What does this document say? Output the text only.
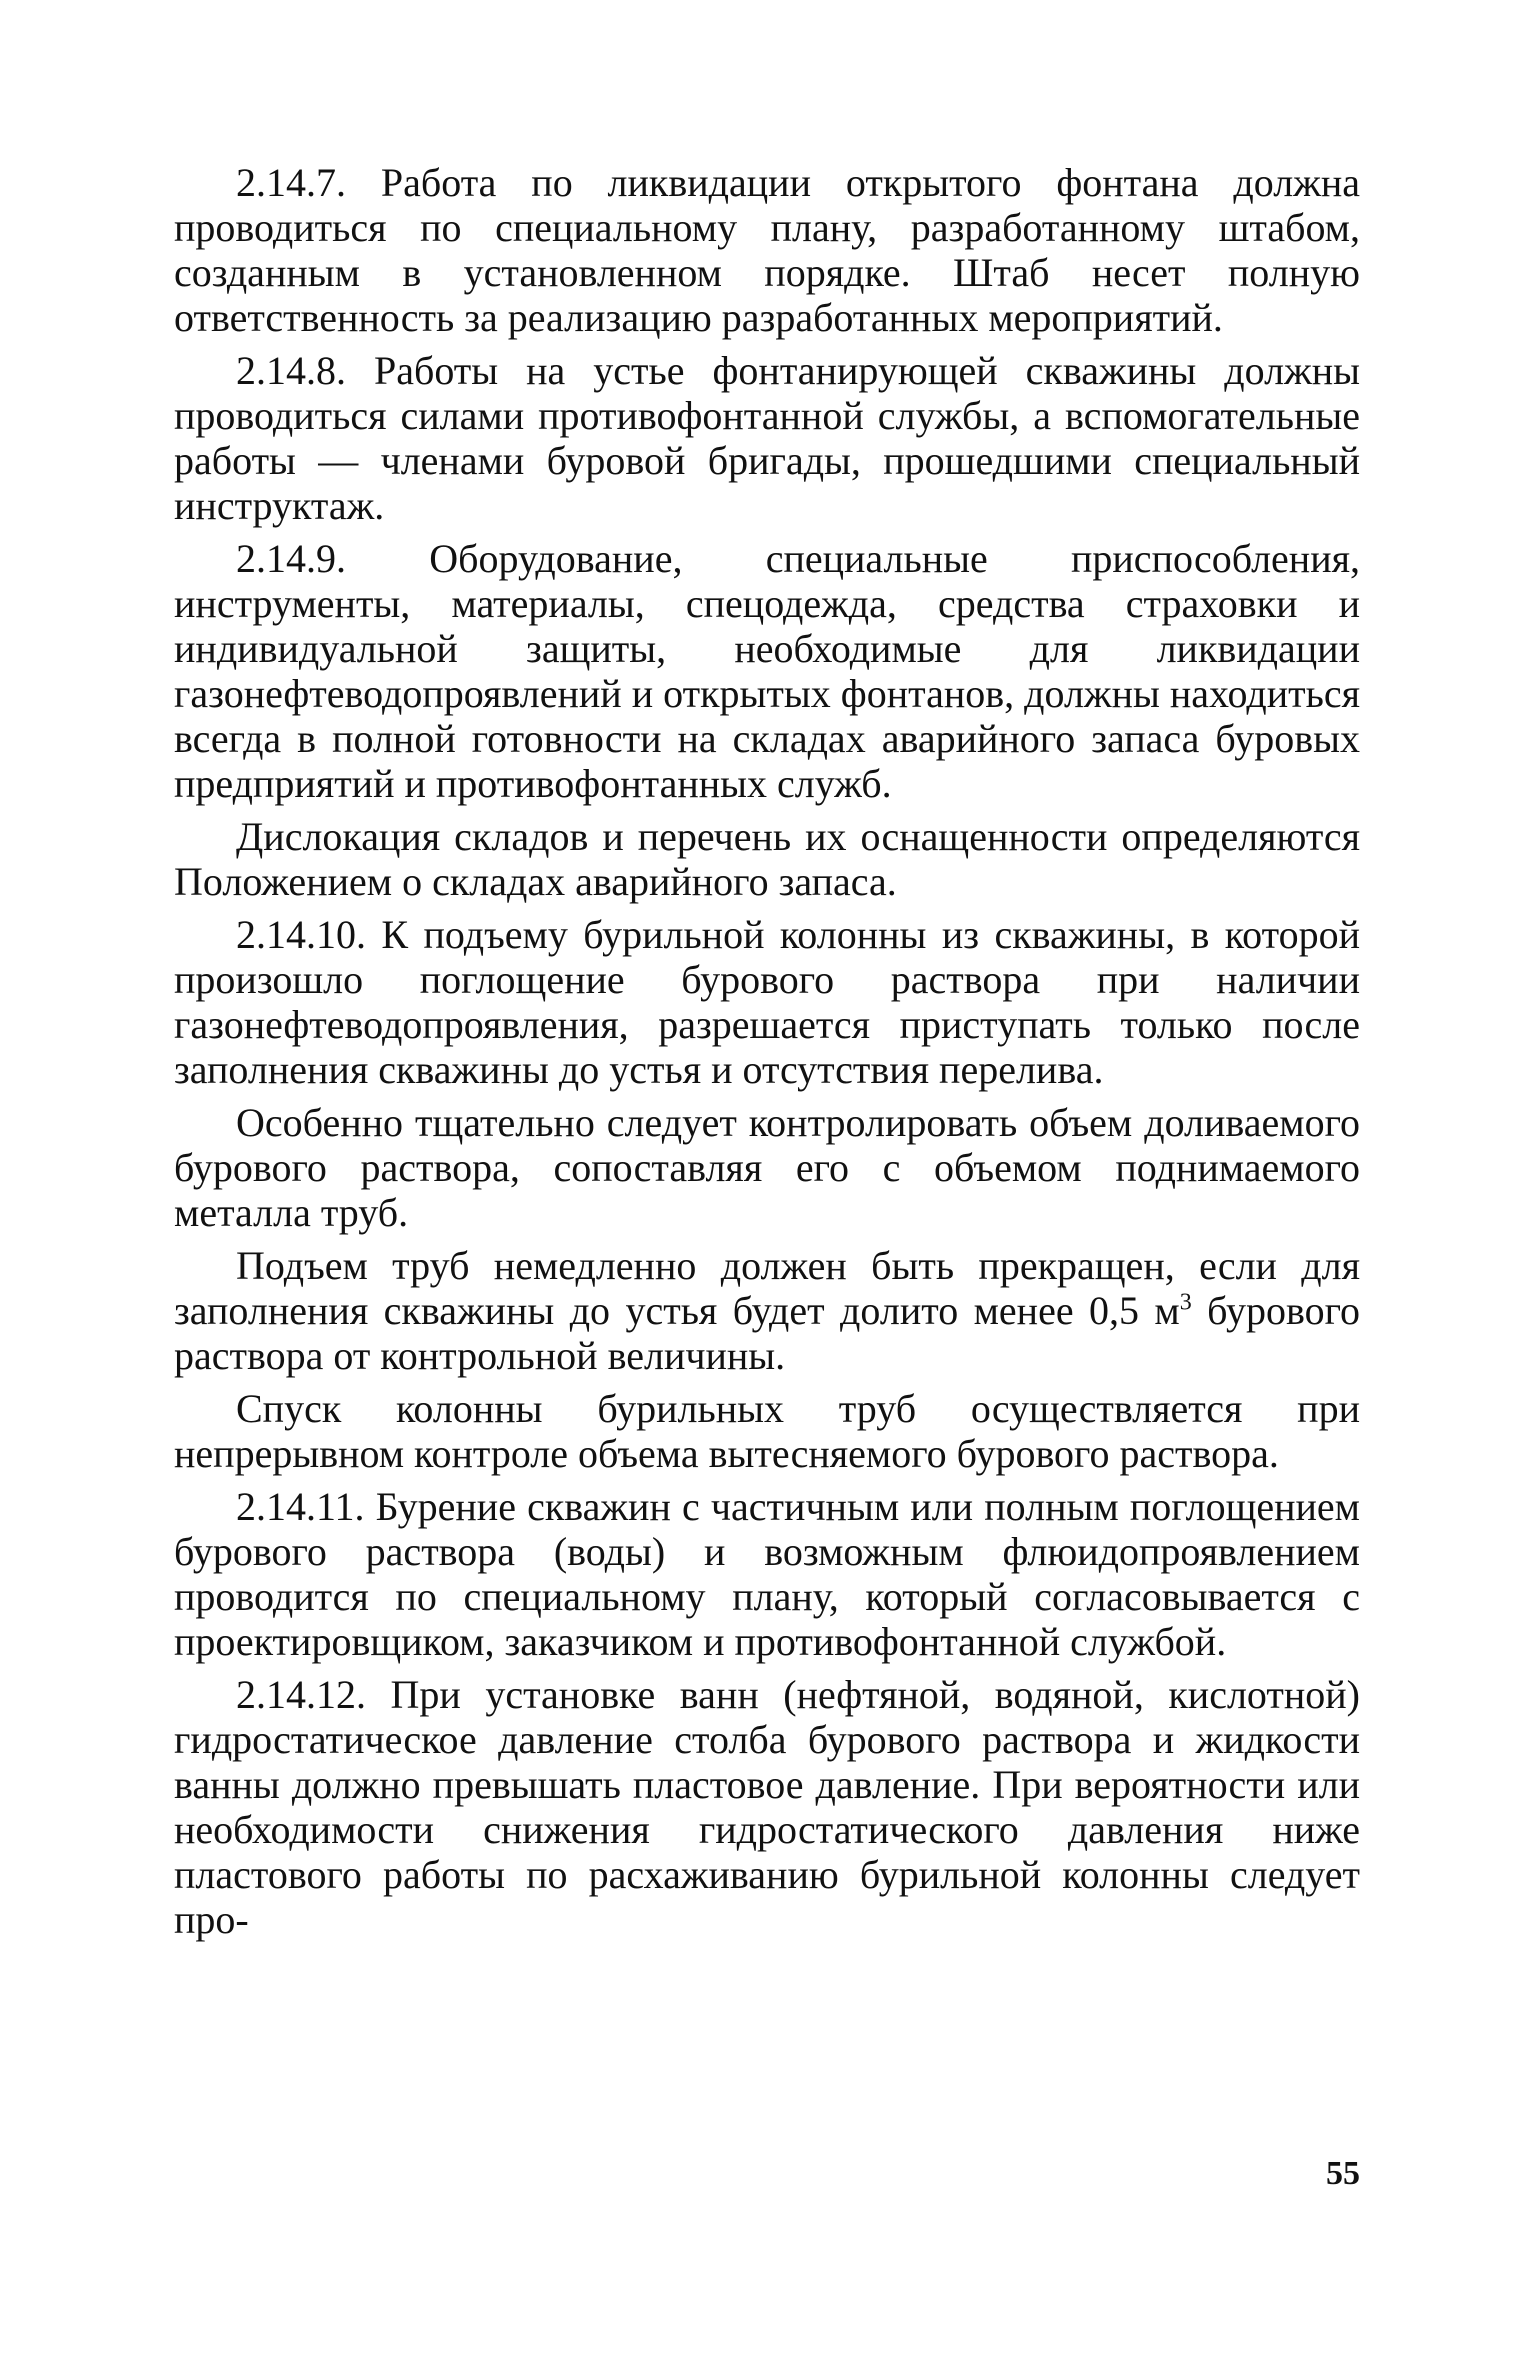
2.14.7. Работа по ликвидации открытого фонтана должна проводиться по специальному плану, разработанному штабом, созданным в установленном порядке. Штаб несет полную ответственность за реализацию разработанных мероприятий.

2.14.8. Работы на устье фонтанирующей скважины должны проводиться силами противофонтанной службы, а вспомогательные работы — членами буровой бригады, прошедшими специальный инструктаж.

2.14.9. Оборудование, специальные приспособления, инструменты, материалы, спецодежда, средства страховки и индивидуальной защиты, необходимые для ликвидации газонефтеводопроявлений и открытых фонтанов, должны находиться всегда в полной готовности на складах аварийного запаса буровых предприятий и противофонтанных служб.

Дислокация складов и перечень их оснащенности определяются Положением о складах аварийного запаса.

2.14.10. К подъему бурильной колонны из скважины, в которой произошло поглощение бурового раствора при наличии газонефтеводопроявления, разрешается приступать только после заполнения скважины до устья и отсутствия перелива.

Особенно тщательно следует контролировать объем доливаемого бурового раствора, сопоставляя его с объемом поднимаемого металла труб.

Подъем труб немедленно должен быть прекращен, если для заполнения скважины до устья будет долито менее 0,5 $м^3$ бурового раствора от контрольной величины.

Спуск колонны бурильных труб осуществляется при непрерывном контроле объема вытесняемого бурового раствора.

2.14.11. Бурение скважин с частичным или полным поглощением бурового раствора (воды) и возможным флюидопроявлением проводится по специальному плану, который согласовывается с проектировщиком, заказчиком и противофонтанной службой.

2.14.12. При установке ванн (нефтяной, водяной, кислотной) гидростатическое давление столба бурового раствора и жидкости ванны должно превышать пластовое давление. При вероятности или необходимости снижения гидростатического давления ниже пластового работы по расхаживанию бурильной колонны следует про-

55
